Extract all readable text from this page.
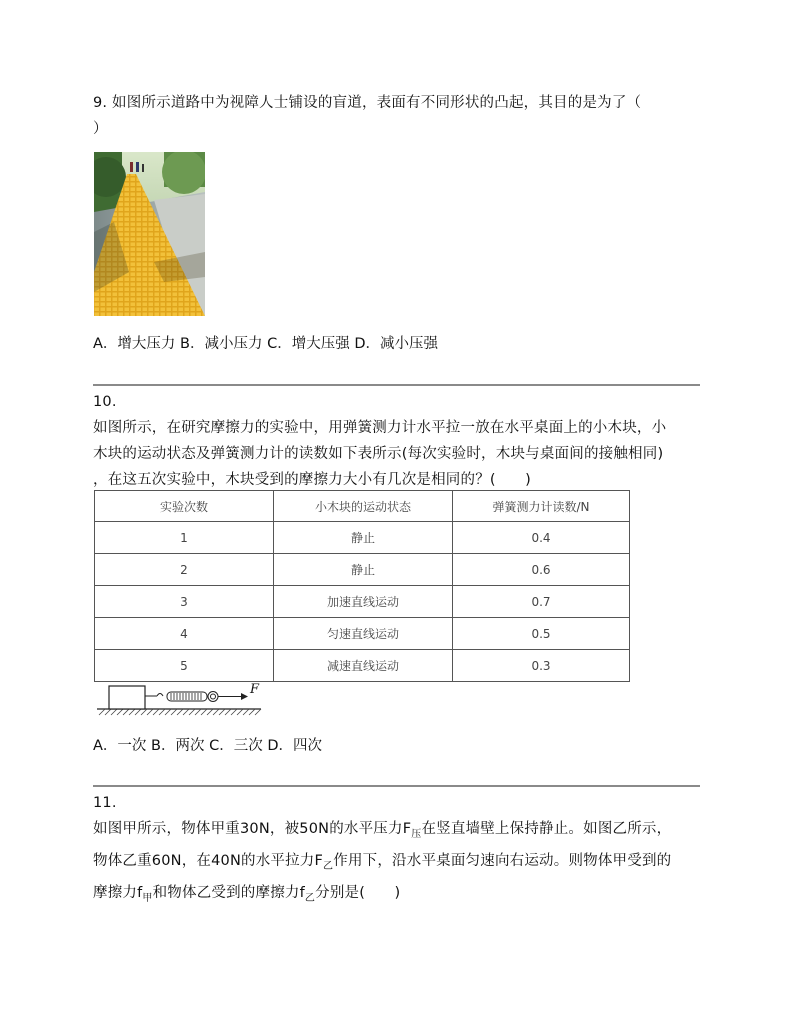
9. 如图所示道路中为视障人士铺设的盲道，表面有不同形状的凸起，其目的是为了（
）
A．增大压力 B．减小压力 C．增大压强 D．减小压强
10.
如图所示，在研究摩擦力的实验中，用弹簧测力计水平拉一放在水平桌面上的小木块，小
木块的运动状态及弹簧测力计的读数如下表所示(每次实验时，木块与桌面间的接触相同)
，在这五次实验中，木块受到的摩擦力大小有几次是相同的？(　　)
实验次数	小木块的运动状态	弹簧测力计读数/N
1	静止	0.4
2	静止	0.6
3	加速直线运动	0.7
4	匀速直线运动	0.5
5	减速直线运动	0.3
F
A．一次 B．两次 C．三次 D．四次
11.
如图甲所示，物体甲重30N，被50N的水平压力$F_压$在竖直墙壁上保持静止。如图乙所示，
物体乙重60N，在40N的水平拉力$F_乙$作用下，沿水平桌面匀速向右运动。则物体甲受到的
摩擦力$f_甲$和物体乙受到的摩擦力$f_乙$分别是(　　)
